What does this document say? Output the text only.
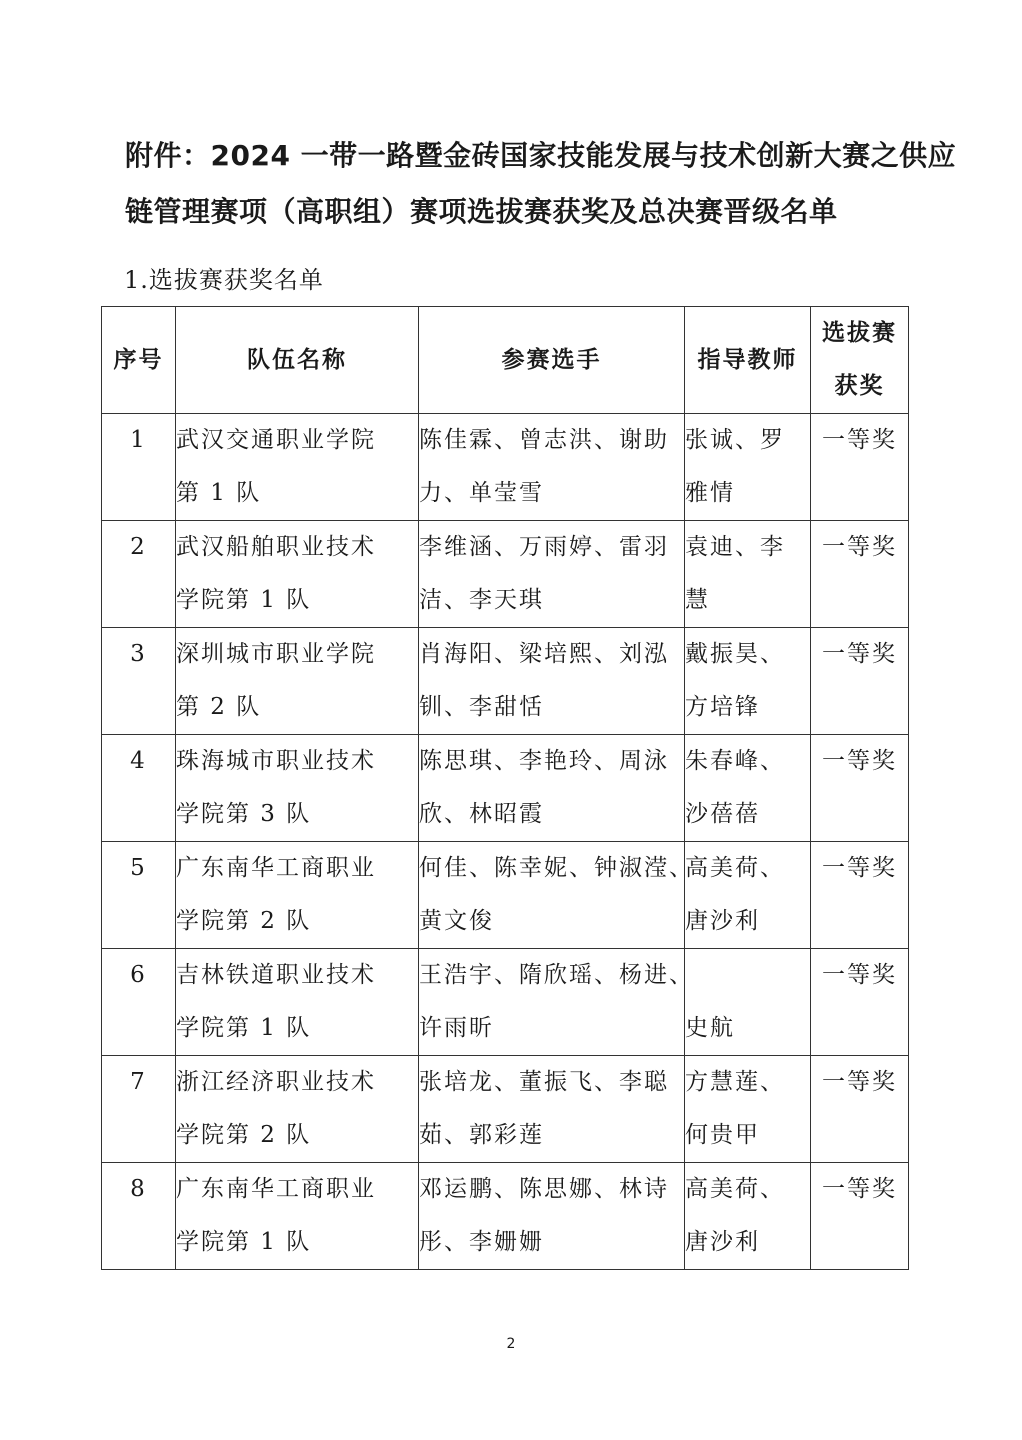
附件：2024 一带一路暨金砖国家技能发展与技术创新大赛之供应
链管理赛项（高职组）赛项选拔赛获奖及总决赛晋级名单

1.选拔赛获奖名单

序号	队伍名称	参赛选手	指导教师	选拔赛
获奖

1	武汉交通职业学院
第 1 队	陈佳霖、曾志洪、谢助
力、单莹雪	张诚、罗
雅情	一等奖
2	武汉船舶职业技术
学院第 1 队	李维涵、万雨婷、雷羽
洁、李天琪	袁迪、李
慧	一等奖
3	深圳城市职业学院
第 2 队	肖海阳、梁培熙、刘泓
钏、李甜恬	戴振昊、
方培锋	一等奖
4	珠海城市职业技术
学院第 3 队	陈思琪、李艳玲、周泳
欣、林昭霞	朱春峰、
沙蓓蓓	一等奖
5	广东南华工商职业
学院第 2 队	何佳、陈幸妮、钟淑滢、
黄文俊	高美荷、
唐沙利	一等奖
6	吉林铁道职业技术
学院第 1 队	王浩宇、隋欣瑶、杨进、
许雨昕	史航	一等奖
7	浙江经济职业技术
学院第 2 队	张培龙、董振飞、李聪
茹、郭彩莲	方慧莲、
何贵甲	一等奖
8	广东南华工商职业
学院第 1 队	邓运鹏、陈思娜、林诗
彤、李姗姗	高美荷、
唐沙利	一等奖
2
